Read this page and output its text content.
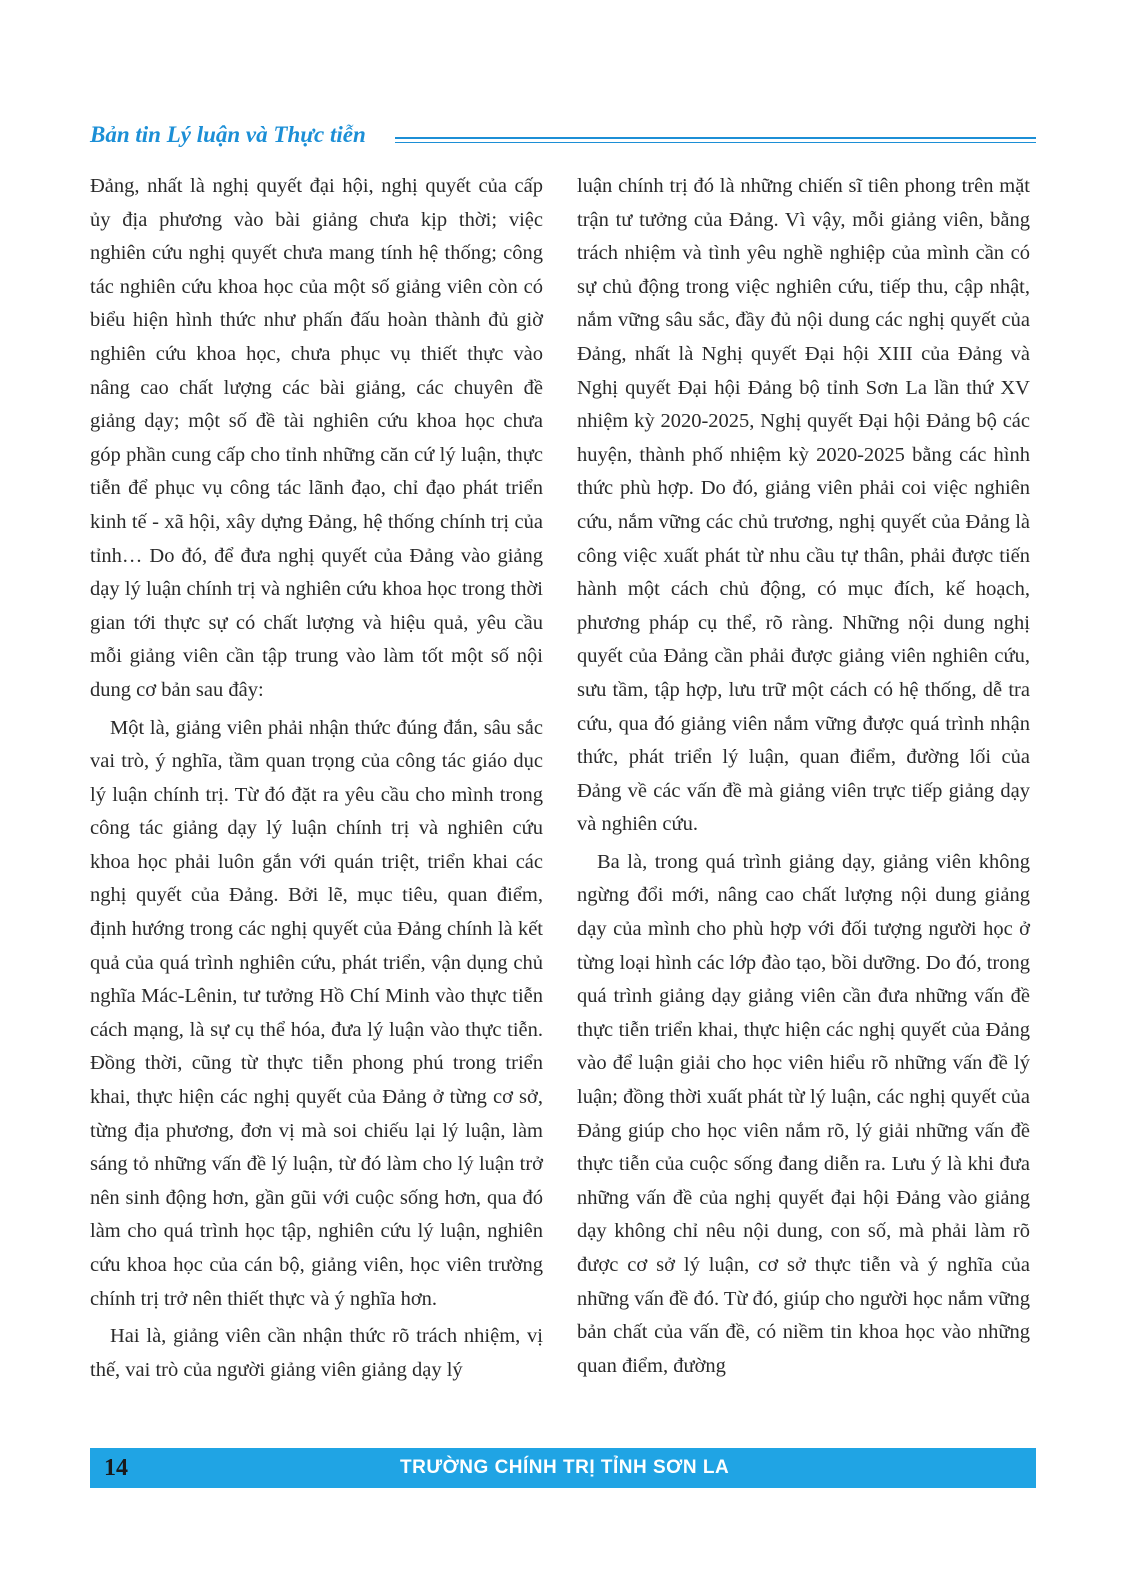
Bản tin Lý luận và Thực tiễn

Đảng, nhất là nghị quyết đại hội, nghị quyết của cấp ủy địa phương vào bài giảng chưa kịp thời; việc nghiên cứu nghị quyết chưa mang tính hệ thống; công tác nghiên cứu khoa học của một số giảng viên còn có biểu hiện hình thức như phấn đấu hoàn thành đủ giờ nghiên cứu khoa học, chưa phục vụ thiết thực vào nâng cao chất lượng các bài giảng, các chuyên đề giảng dạy; một số đề tài nghiên cứu khoa học chưa góp phần cung cấp cho tỉnh những căn cứ lý luận, thực tiễn để phục vụ công tác lãnh đạo, chỉ đạo phát triển kinh tế - xã hội, xây dựng Đảng, hệ thống chính trị của tỉnh… Do đó, để đưa nghị quyết của Đảng vào giảng dạy lý luận chính trị và nghiên cứu khoa học trong thời gian tới thực sự có chất lượng và hiệu quả, yêu cầu mỗi giảng viên cần tập trung vào làm tốt một số nội dung cơ bản sau đây:

Một là, giảng viên phải nhận thức đúng đắn, sâu sắc vai trò, ý nghĩa, tầm quan trọng của công tác giáo dục lý luận chính trị. Từ đó đặt ra yêu cầu cho mình trong công tác giảng dạy lý luận chính trị và nghiên cứu khoa học phải luôn gắn với quán triệt, triển khai các nghị quyết của Đảng. Bởi lẽ, mục tiêu, quan điểm, định hướng trong các nghị quyết của Đảng chính là kết quả của quá trình nghiên cứu, phát triển, vận dụng chủ nghĩa Mác-Lênin, tư tưởng Hồ Chí Minh vào thực tiễn cách mạng, là sự cụ thể hóa, đưa lý luận vào thực tiễn. Đồng thời, cũng từ thực tiễn phong phú trong triển khai, thực hiện các nghị quyết của Đảng ở từng cơ sở, từng địa phương, đơn vị mà soi chiếu lại lý luận, làm sáng tỏ những vấn đề lý luận, từ đó làm cho lý luận trở nên sinh động hơn, gần gũi với cuộc sống hơn, qua đó làm cho quá trình học tập, nghiên cứu lý luận, nghiên cứu khoa học của cán bộ, giảng viên, học viên trường chính trị trở nên thiết thực và ý nghĩa hơn.

Hai là, giảng viên cần nhận thức rõ trách nhiệm, vị thế, vai trò của người giảng viên giảng dạy lý

luận chính trị đó là những chiến sĩ tiên phong trên mặt trận tư tưởng của Đảng. Vì vậy, mỗi giảng viên, bằng trách nhiệm và tình yêu nghề nghiệp của mình cần có sự chủ động trong việc nghiên cứu, tiếp thu, cập nhật, nắm vững sâu sắc, đầy đủ nội dung các nghị quyết của Đảng, nhất là Nghị quyết Đại hội XIII của Đảng và Nghị quyết Đại hội Đảng bộ tỉnh Sơn La lần thứ XV nhiệm kỳ 2020-2025, Nghị quyết Đại hội Đảng bộ các huyện, thành phố nhiệm kỳ 2020-2025 bằng các hình thức phù hợp. Do đó, giảng viên phải coi việc nghiên cứu, nắm vững các chủ trương, nghị quyết của Đảng là công việc xuất phát từ nhu cầu tự thân, phải được tiến hành một cách chủ động, có mục đích, kế hoạch, phương pháp cụ thể, rõ ràng. Những nội dung nghị quyết của Đảng cần phải được giảng viên nghiên cứu, sưu tầm, tập hợp, lưu trữ một cách có hệ thống, dễ tra cứu, qua đó giảng viên nắm vững được quá trình nhận thức, phát triển lý luận, quan điểm, đường lối của Đảng về các vấn đề mà giảng viên trực tiếp giảng dạy và nghiên cứu.

Ba là, trong quá trình giảng dạy, giảng viên không ngừng đổi mới, nâng cao chất lượng nội dung giảng dạy của mình cho phù hợp với đối tượng người học ở từng loại hình các lớp đào tạo, bồi dưỡng. Do đó, trong quá trình giảng dạy giảng viên cần đưa những vấn đề thực tiễn triển khai, thực hiện các nghị quyết của Đảng vào để luận giải cho học viên hiểu rõ những vấn đề lý luận; đồng thời xuất phát từ lý luận, các nghị quyết của Đảng giúp cho học viên nắm rõ, lý giải những vấn đề thực tiễn của cuộc sống đang diễn ra. Lưu ý là khi đưa những vấn đề của nghị quyết đại hội Đảng vào giảng dạy không chỉ nêu nội dung, con số, mà phải làm rõ được cơ sở lý luận, cơ sở thực tiễn và ý nghĩa của những vấn đề đó. Từ đó, giúp cho người học nắm vững bản chất của vấn đề, có niềm tin khoa học vào những quan điểm, đường

14	TRƯỜNG CHÍNH TRỊ TỈNH SƠN LA
